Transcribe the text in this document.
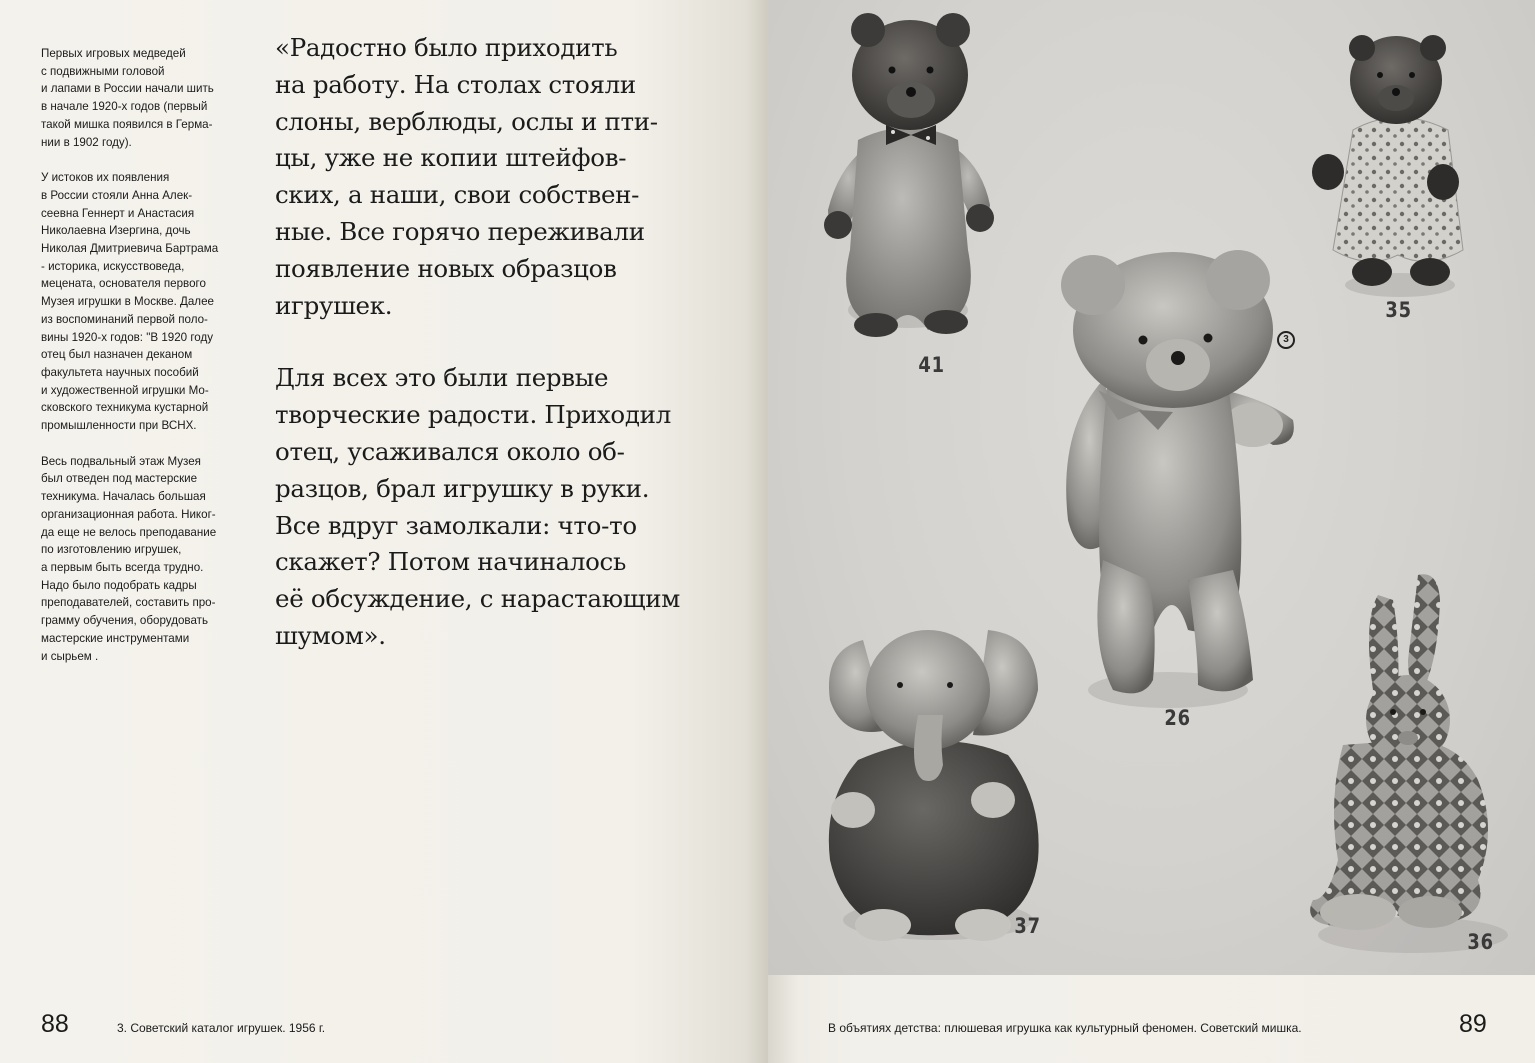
Первых игровых медведей
с подвижными головой
и лапами в России начали шить
в начале 1920-х годов (первый
такой мишка появился в Герма-
нии в 1902 году).

У истоков их появления
в России стояли Анна Алек-
сеевна Геннерт и Анастасия
Николаевна Изергина, дочь
Николая Дмитриевича Бартрама
- историка, искусствоведа,
мецената, основателя первого
Музея игрушки в Москве. Далее
из воспоминаний первой поло-
вины 1920-х годов: "В 1920 году
отец был назначен деканом
факультета научных пособий
и художественной игрушки Мо-
сковского техникума кустарной
промышленности при ВСНХ.

Весь подвальный этаж Музея
был отведен под мастерские
техникума. Началась большая
организационная работа. Никог-
да еще не велось преподавание
по изготовлению игрушек,
а первым быть всегда трудно.
Надо было подобрать кадры
преподавателей, составить про-
грамму обучения, оборудовать
мастерские инструментами
и сырьем .

«Радостно было приходить
на работу. На столах стояли
слоны, верблюды, ослы и пти-
цы, уже не копии штейфов-
ских, а наши, свои собствен-
ные. Все горячо переживали
появление новых образцов
игрушек.

Для всех это были первые
творческие радости. Приходил
отец, усаживался около об-
разцов, брал игрушку в руки.
Все вдруг замолкали: что-то
скажет? Потом начиналось
её обсуждение, с нарастающим
шумом».

88	3. Советский каталог игрушек. 1956 г.	89
В объятиях детства: плюшевая игрушка как культурный феномен. Советский мишка.
41
35
26
37
36
3
